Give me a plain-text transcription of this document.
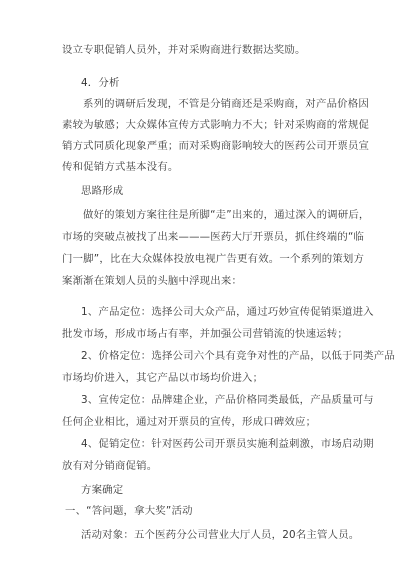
设立专职促销人员外，并对采购商进行数据达奖励。
4．分析
系列的调研后发现，不管是分销商还是采购商，对产品价格因
素较为敏感；大众媒体宣传方式影响力不大；针对采购商的常规促
销方式同质化现象严重；而对采购商影响较大的医药公司开票员宣
传和促销方式基本没有。
思路形成
做好的策划方案往往是所脚“走”出来的，通过深入的调研后，
市场的突破点被找了出来———医药大厅开票员，抓住终端的“临
门一脚”，比在大众媒体投放电视广告更有效。一个系列的策划方
案渐渐在策划人员的头脑中浮现出来：
1、产品定位：选择公司大众产品，通过巧妙宣传促销渠道进入
批发市场，形成市场占有率，并加强公司营销流的快速运转；
2、价格定位：选择公司六个具有竞争对性的产品，以低于同类产品
市场均价进入，其它产品以市场均价进入；
3、宣传定位：品牌建企业，产品价格同类最低，产品质量可与
任何企业相比，通过对开票员的宣传，形成口碑效应；
4、促销定位：针对医药公司开票员实施利益刺激，市场启动期
放有对分销商促销。
方案确定
一、“答问题，拿大奖”活动
活动对象：五个医药分公司营业大厅人员，20名主管人员。
